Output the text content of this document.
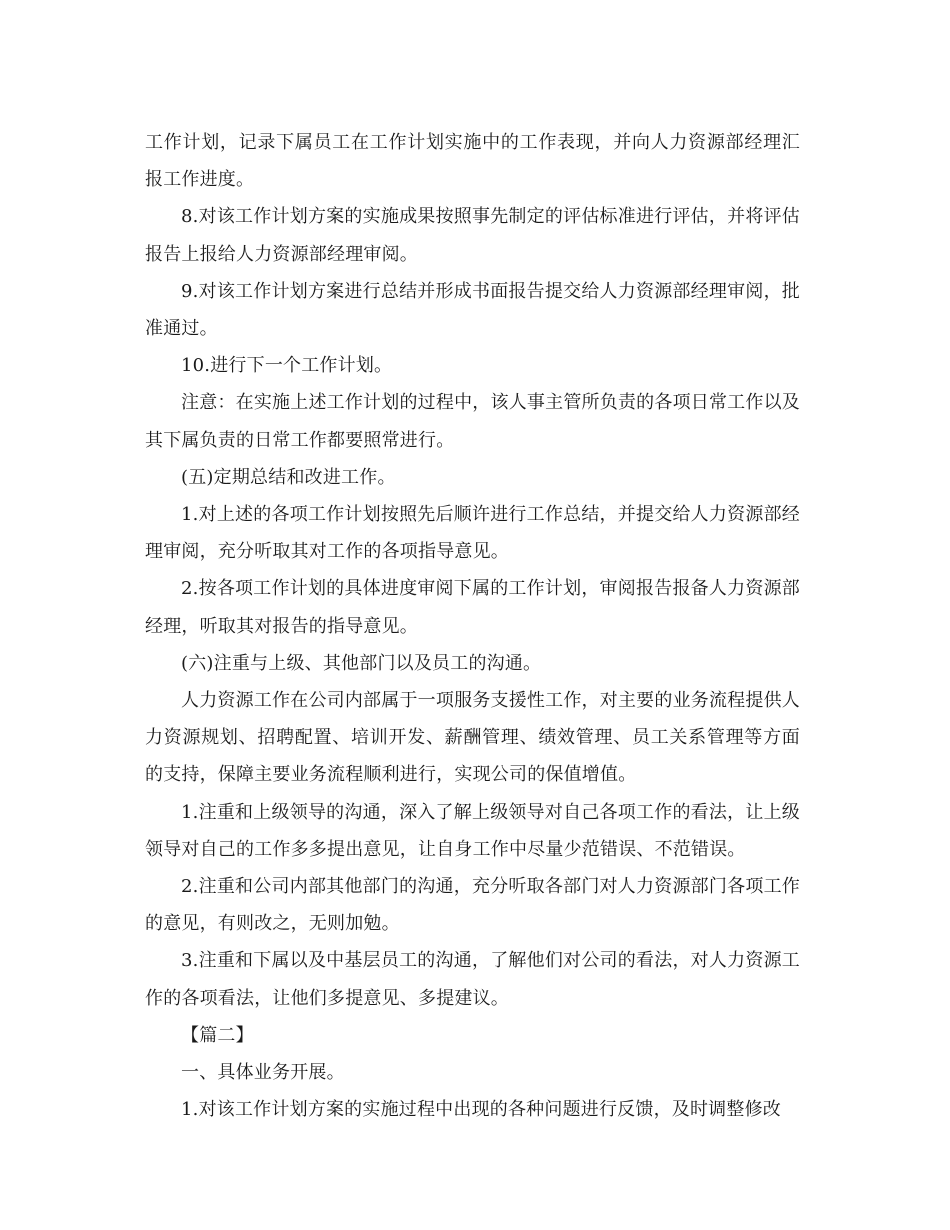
工作计划，记录下属员工在工作计划实施中的工作表现，并向人力资源部经理汇报工作进度。

8.对该工作计划方案的实施成果按照事先制定的评估标准进行评估，并将评估报告上报给人力资源部经理审阅。

9.对该工作计划方案进行总结并形成书面报告提交给人力资源部经理审阅，批准通过。

10.进行下一个工作计划。

注意：在实施上述工作计划的过程中，该人事主管所负责的各项日常工作以及其下属负责的日常工作都要照常进行。

(五)定期总结和改进工作。

1.对上述的各项工作计划按照先后顺许进行工作总结，并提交给人力资源部经理审阅，充分听取其对工作的各项指导意见。

2.按各项工作计划的具体进度审阅下属的工作计划，审阅报告报备人力资源部经理，听取其对报告的指导意见。

(六)注重与上级、其他部门以及员工的沟通。

人力资源工作在公司内部属于一项服务支援性工作，对主要的业务流程提供人力资源规划、招聘配置、培训开发、薪酬管理、绩效管理、员工关系管理等方面的支持，保障主要业务流程顺利进行，实现公司的保值增值。

1.注重和上级领导的沟通，深入了解上级领导对自己各项工作的看法，让上级领导对自己的工作多多提出意见，让自身工作中尽量少范错误、不范错误。

2.注重和公司内部其他部门的沟通，充分听取各部门对人力资源部门各项工作的意见，有则改之，无则加勉。

3.注重和下属以及中基层员工的沟通，了解他们对公司的看法，对人力资源工作的各项看法，让他们多提意见、多提建议。

【篇二】

一、具体业务开展。

1.对该工作计划方案的实施过程中出现的各种问题进行反馈，及时调整修改
